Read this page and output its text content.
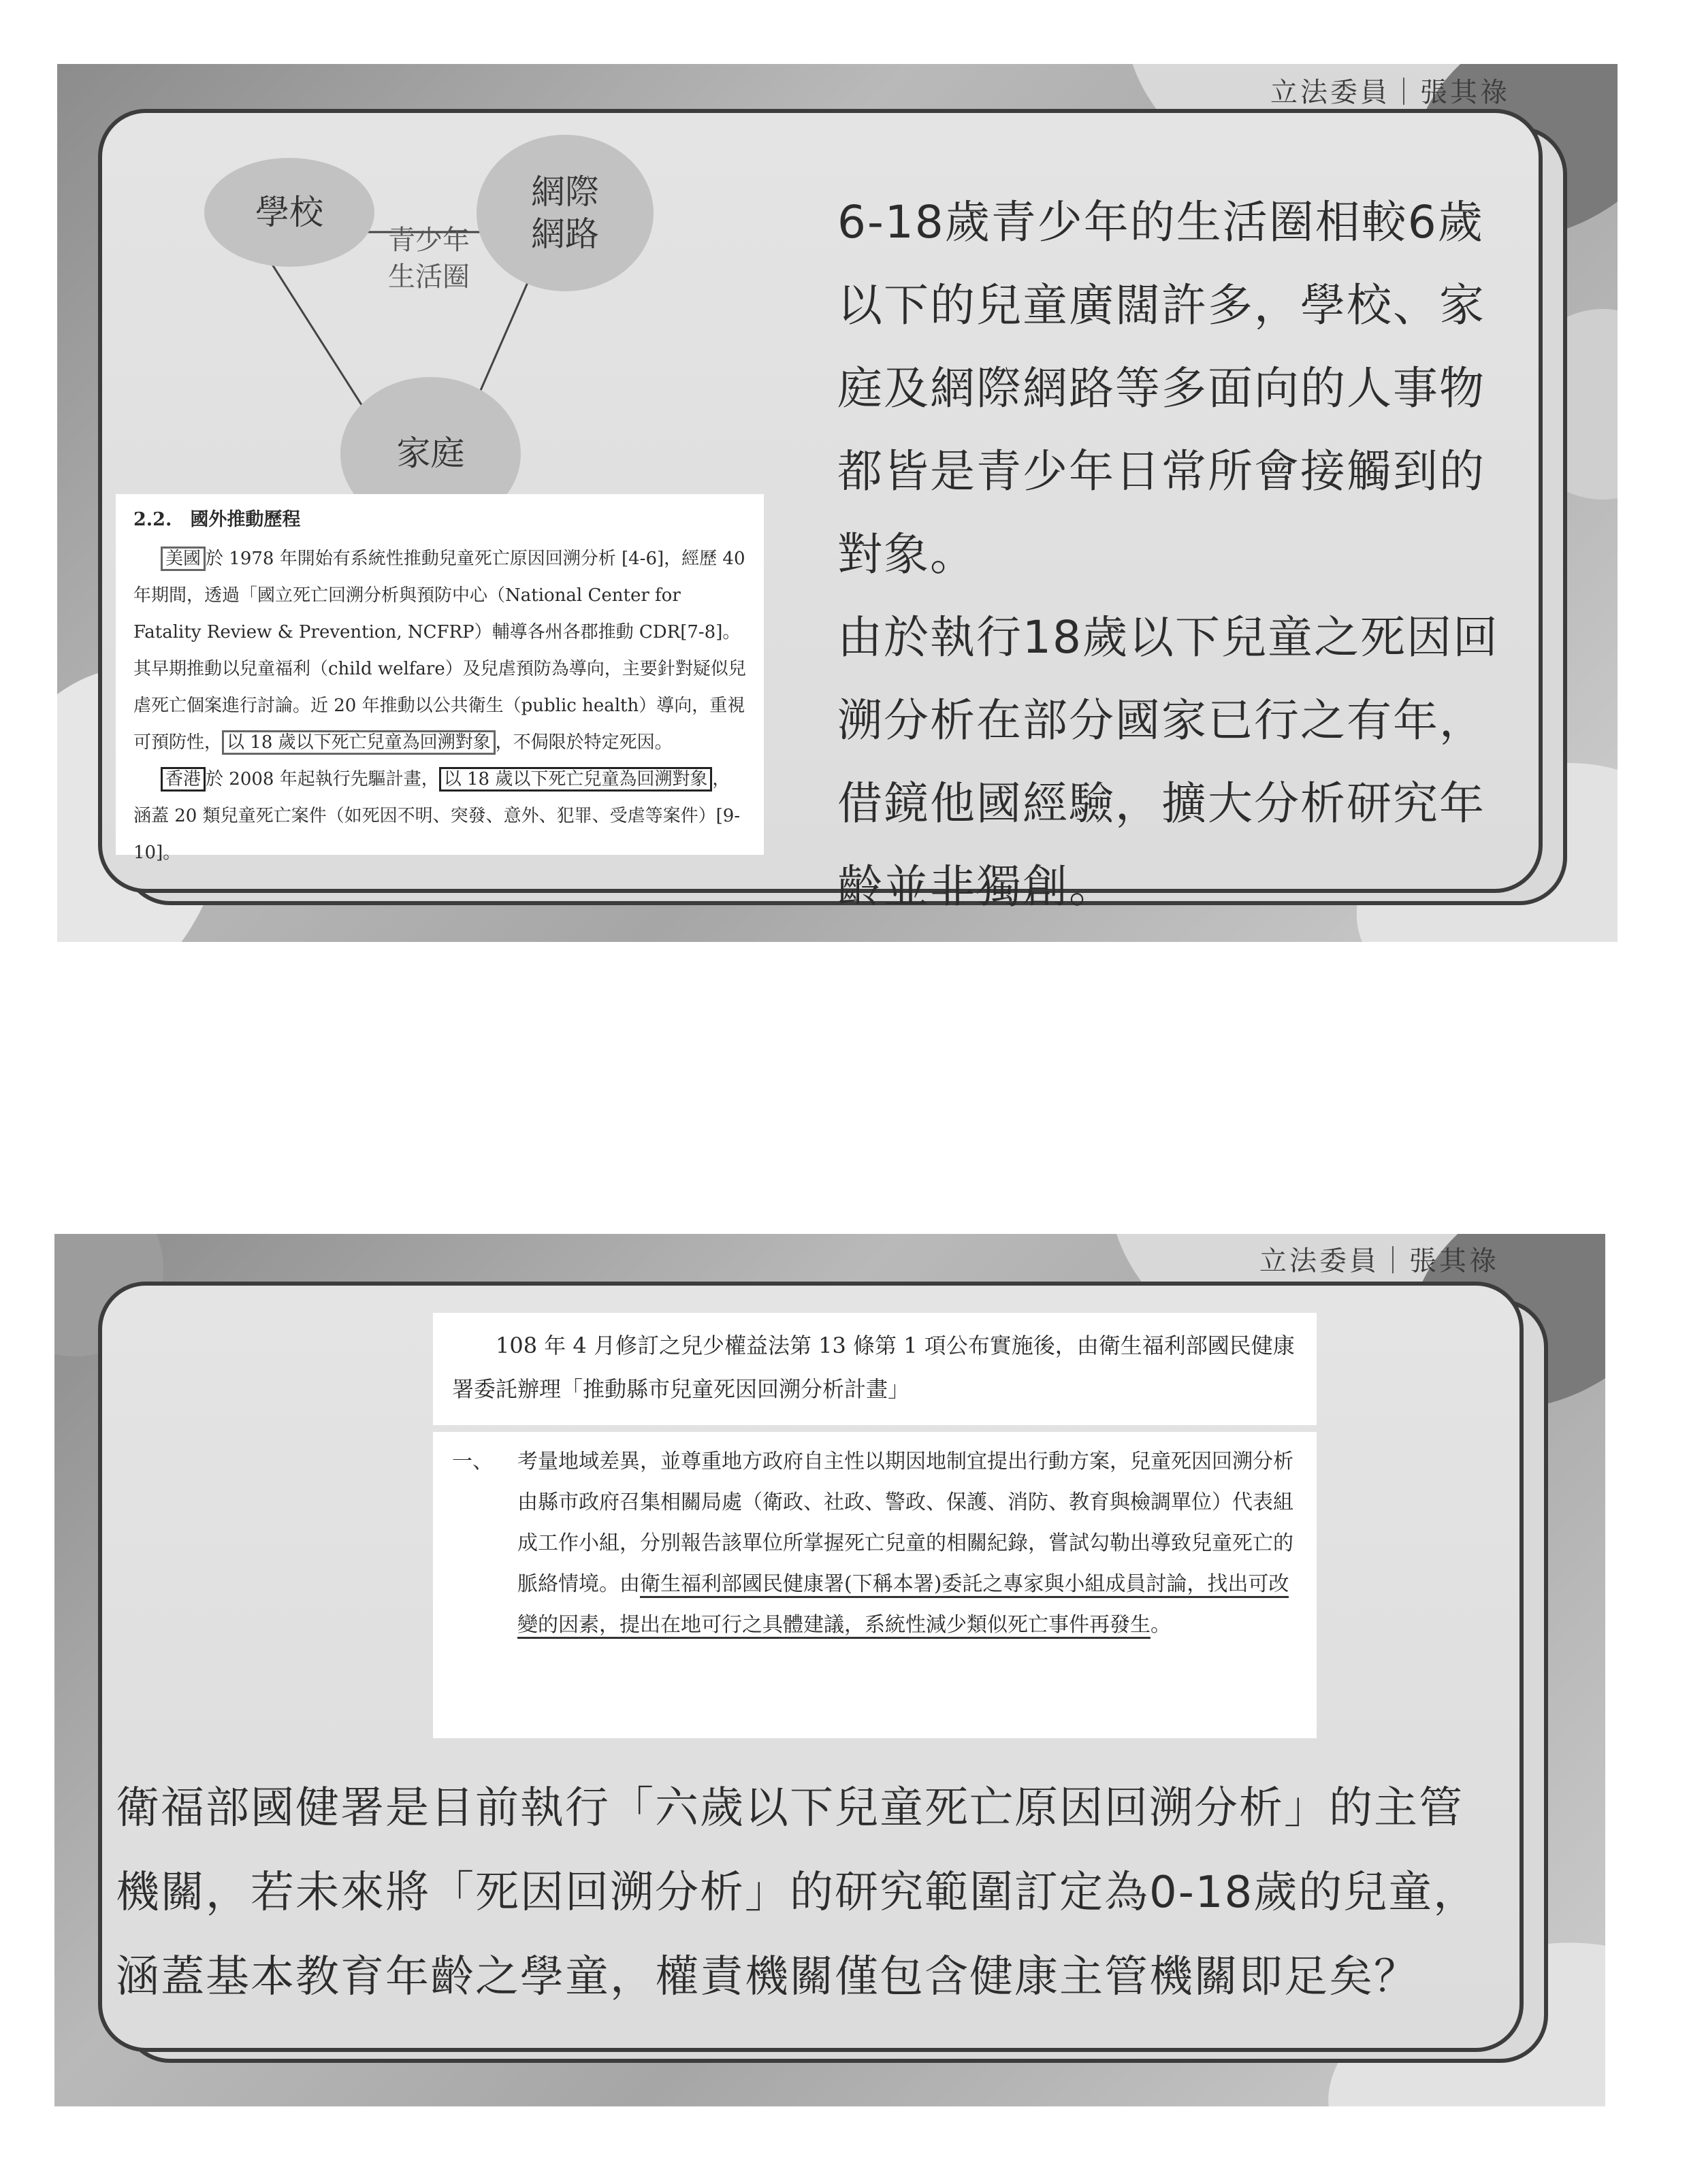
立法委員｜張其祿
學校
網際
網路
家庭
青少年
生活圈
2.2.　國外推動歷程
美國 於 1978 年開始有系統性推動兒童死亡原因回溯分析 [4-6]，經歷 40 年期間，透過「國立死亡回溯分析與預防中心（National Center for Fatality Review & Prevention, NCFRP）輔導各州各郡推動 CDR[7-8]。其早期推動以兒童福利（child welfare）及兒虐預防為導向，主要針對疑似兒虐死亡個案進行討論。近 20 年推動以公共衛生（public health）導向，重視可預防性， 以 18 歲以下死亡兒童為回溯對象 ，不侷限於特定死因。
香港 於 2008 年起執行先驅計畫， 以 18 歲以下死亡兒童為回溯對象 ，涵蓋 20 類兒童死亡案件（如死因不明、突發、意外、犯罪、受虐等案件）[9-10]。
6-18歲青少年的生活圈相較6歲以下的兒童廣闊許多，學校、家庭及網際網路等多面向的人事物都皆是青少年日常所會接觸到的對象。
由於執行18歲以下兒童之死因回溯分析在部分國家已行之有年，借鏡他國經驗，擴大分析研究年齡並非獨創。
立法委員｜張其祿
108 年 4 月修訂之兒少權益法第 13 條第 1 項公布實施後，由衛生福利部國民健康署委託辦理「推動縣市兒童死因回溯分析計畫」
一、	考量地域差異，並尊重地方政府自主性以期因地制宜提出行動方案，兒童死因回溯分析由縣市政府召集相關局處（衛政、社政、警政、保護、消防、教育與檢調單位）代表組成工作小組，分別報告該單位所掌握死亡兒童的相關紀錄，嘗試勾勒出導致兒童死亡的脈絡情境。由衛生福利部國民健康署(下稱本署)委託之專家與小組成員討論，找出可改變的因素，提出在地可行之具體建議，系統性減少類似死亡事件再發生。
衛福部國健署是目前執行「六歲以下兒童死亡原因回溯分析」的主管機關，若未來將「死因回溯分析」的研究範圍訂定為0-18歲的兒童，涵蓋基本教育年齡之學童，權責機關僅包含健康主管機關即足矣？
